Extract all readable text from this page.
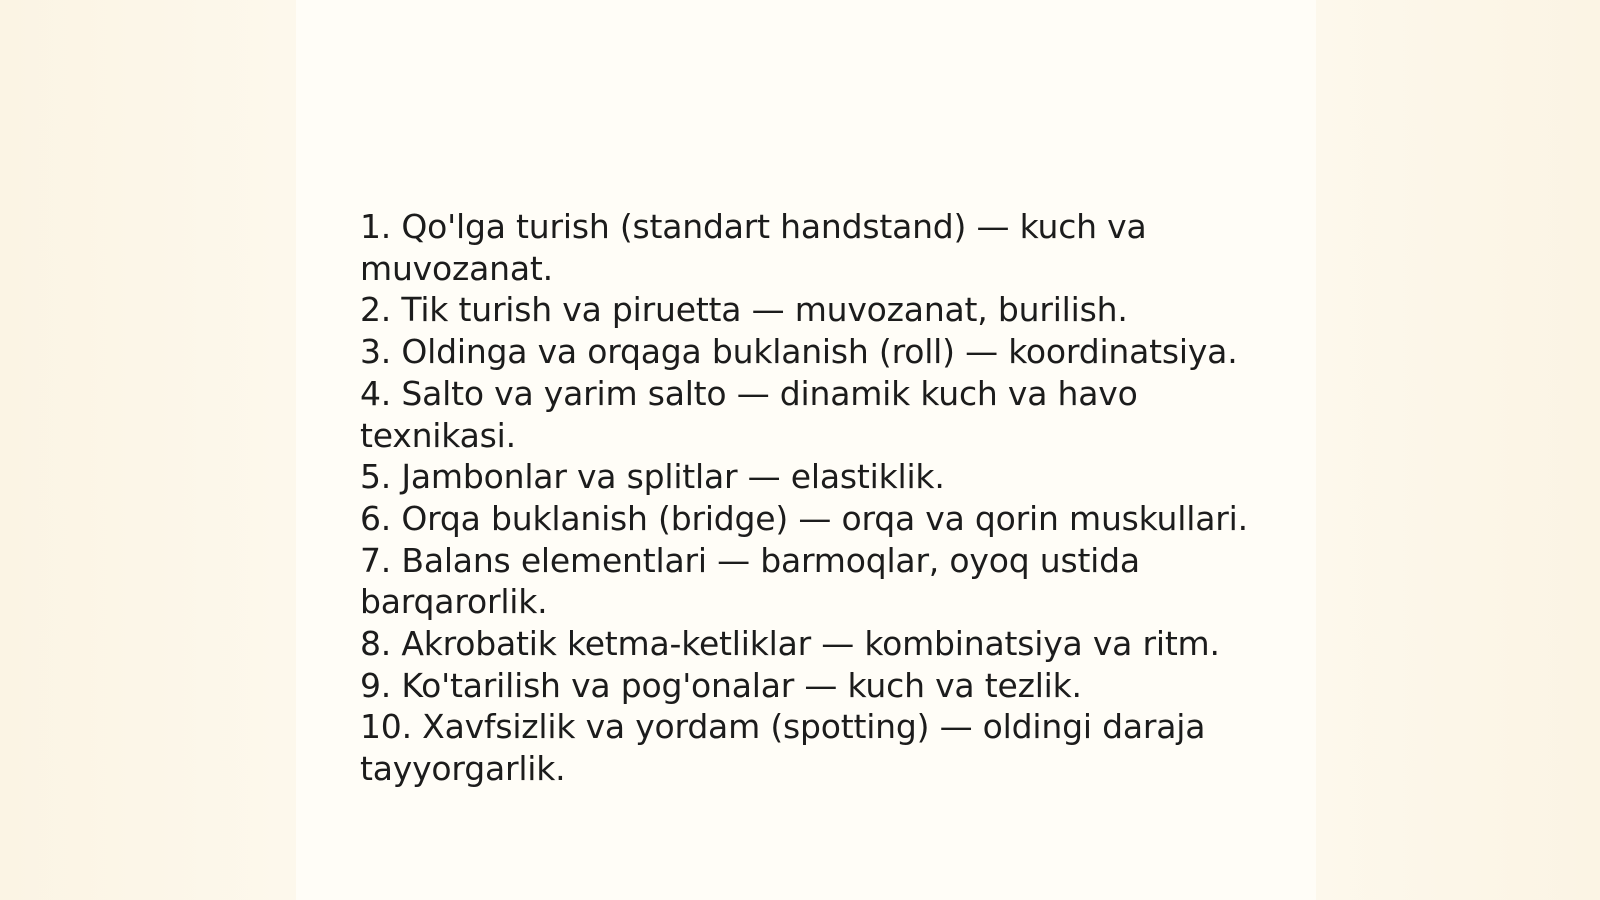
1. Qo'lga turish (standart handstand) — kuch va muvozanat.
2. Tik turish va piruetta — muvozanat, burilish.
3. Oldinga va orqaga buklanish (roll) — koordinatsiya.
4. Salto va yarim salto — dinamik kuch va havo texnikasi.
5. Jambonlar va splitlar — elastiklik.
6. Orqa buklanish (bridge) — orqa va qorin muskullari.
7. Balans elementlari — barmoqlar, oyoq ustida barqarorlik.
8. Akrobatik ketma-ketliklar — kombinatsiya va ritm.
9. Ko'tarilish va pog'onalar — kuch va tezlik.
10. Xavfsizlik va yordam (spotting) — oldingi daraja tayyorgarlik.
